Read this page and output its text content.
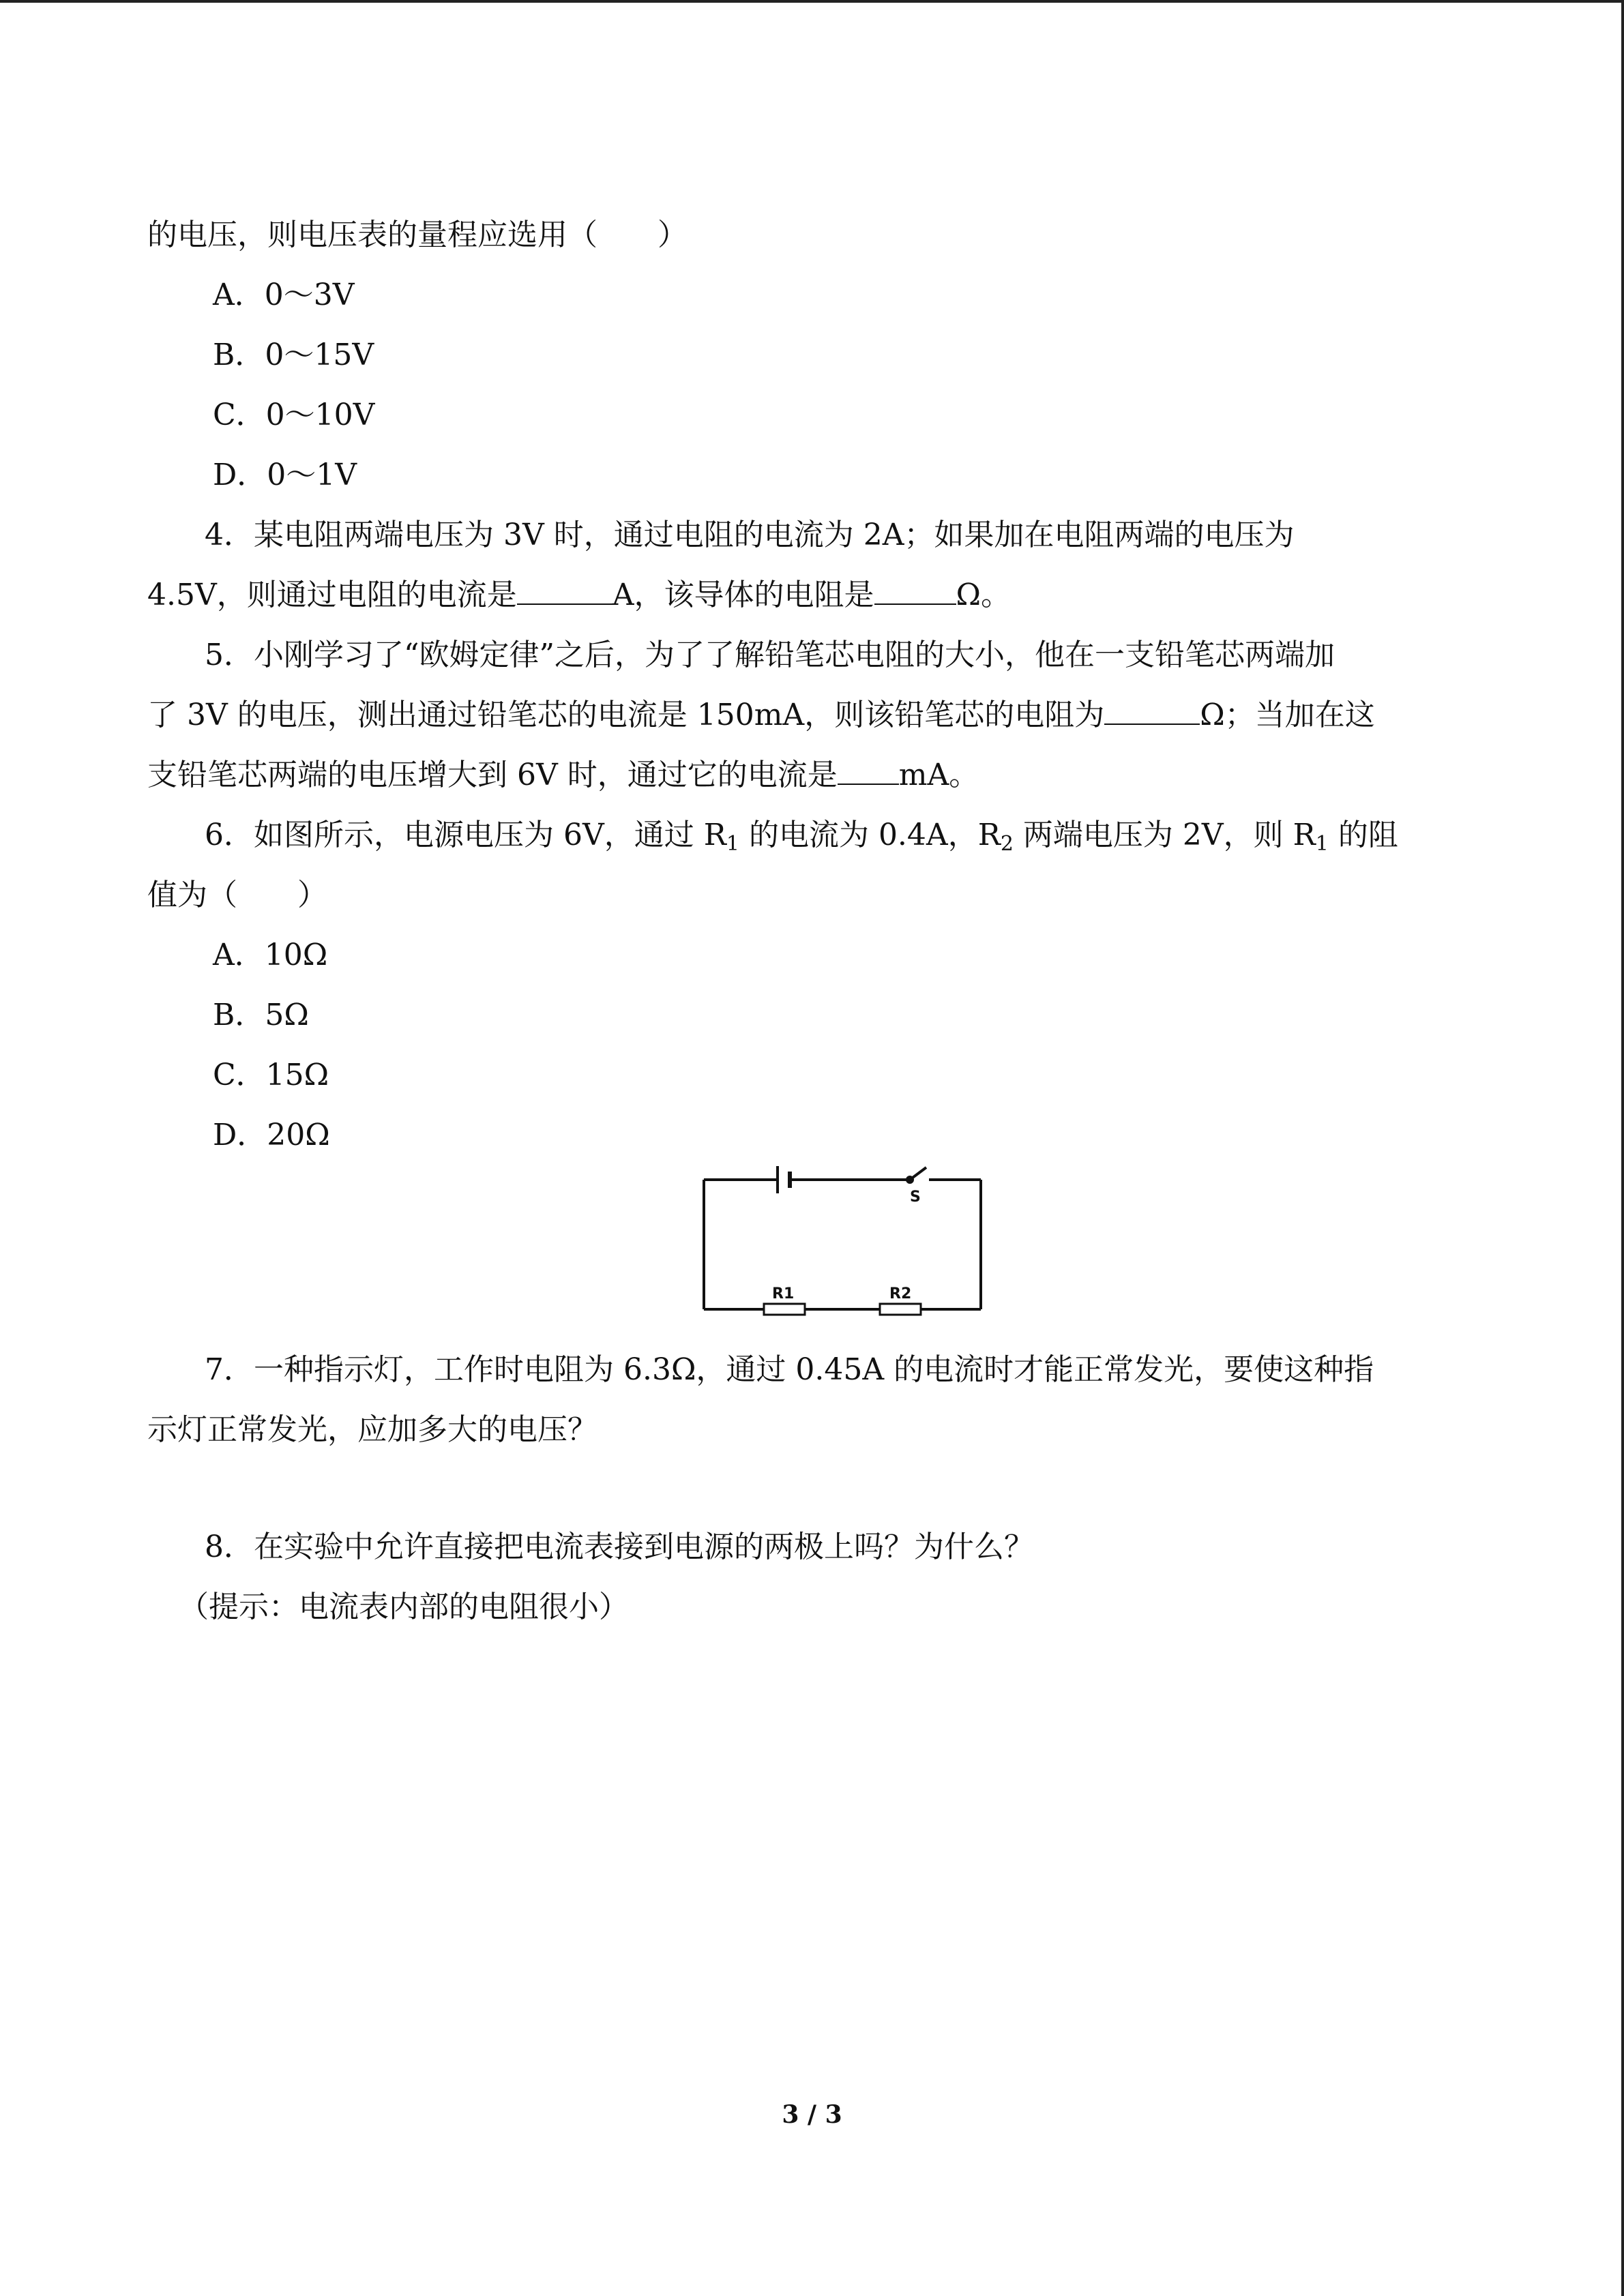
的电压，则电压表的量程应选用（　　）
A．0～3V
B．0～15V
C．0～10V
D．0～1V
4．某电阻两端电压为 3V 时，通过电阻的电流为 2A；如果加在电阻两端的电压为
4.5V，则通过电阻的电流是	A，该导体的电阻是	Ω。
5．小刚学习了“欧姆定律”之后，为了了解铅笔芯电阻的大小，他在一支铅笔芯两端加
了 3V 的电压，测出通过铅笔芯的电流是 150mA，则该铅笔芯的电阻为	Ω；当加在这
支铅笔芯两端的电压增大到 6V 时，通过它的电流是 mA。
6．如图所示，电源电压为 6V，通过 $R_1$ 的电流为 0.4A，$R_2$ 两端电压为 2V，则 $R_1$ 的阻
值为（　　）
A．10Ω
B．5Ω
C．15Ω
D．20Ω
S
R1	R2
7．一种指示灯，工作时电阻为 6.3Ω，通过 0.45A 的电流时才能正常发光，要使这种指
示灯正常发光，应加多大的电压？
8．在实验中允许直接把电流表接到电源的两极上吗？为什么？
（提示：电流表内部的电阻很小）
3 / 3
